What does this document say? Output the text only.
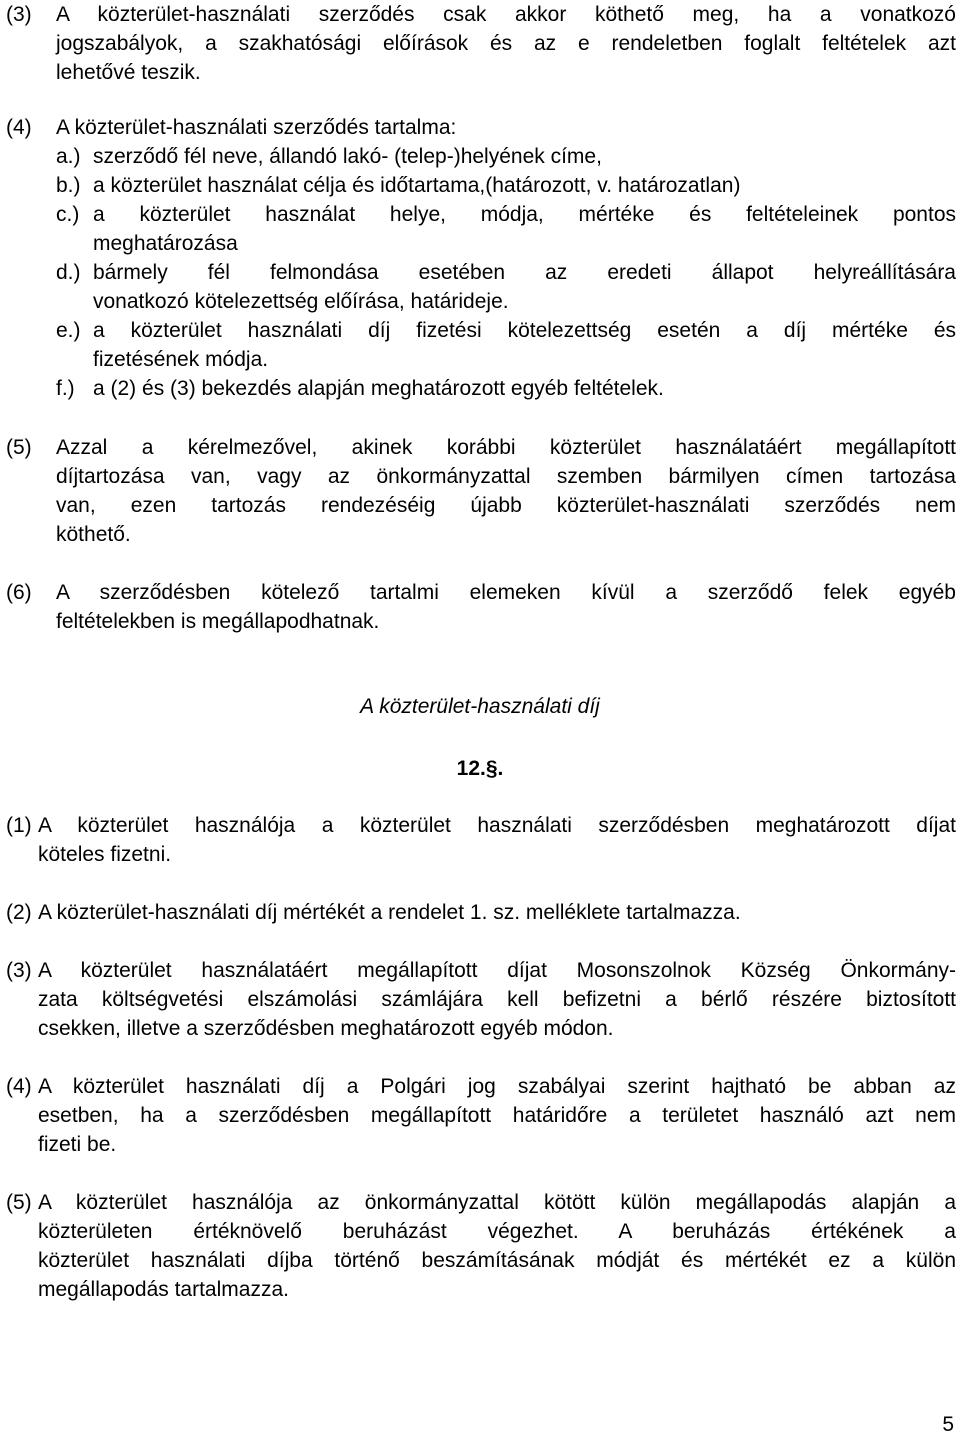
(3) A közterület-használati szerződés csak akkor köthető meg, ha a vonatkozó
jogszabályok, a szakhatósági előírások és az e rendeletben foglalt feltételek azt
lehetővé teszik.
(4) A közterület-használati szerződés tartalma:
a.) szerződő fél neve, állandó lakó- (telep-)helyének címe,
b.) a közterület használat célja és időtartama,(határozott, v. határozatlan)
c.) a közterület használat helye, módja, mértéke és feltételeinek pontos
meghatározása
d.) bármely fél felmondása esetében az eredeti állapot helyreállítására
vonatkozó kötelezettség előírása, határideje.
e.) a közterület használati díj fizetési kötelezettség esetén a díj mértéke és
fizetésének módja.
f.) a (2) és (3) bekezdés alapján meghatározott egyéb feltételek.
(5) Azzal a kérelmezővel, akinek korábbi közterület használatáért megállapított
díjtartozása van, vagy az önkormányzattal szemben bármilyen címen tartozása
van, ezen tartozás rendezéséig újabb közterület-használati szerződés nem
köthető.
(6) A szerződésben kötelező tartalmi elemeken kívül a szerződő felek egyéb
feltételekben is megállapodhatnak.
A közterület-használati díj
12.§.
(1) A közterület használója a közterület használati szerződésben meghatározott díjat
köteles fizetni.
(2) A közterület-használati díj mértékét a rendelet 1. sz. melléklete tartalmazza.
(3) A közterület használatáért megállapított díjat Mosonszolnok Község Önkormány-
zata költségvetési elszámolási számlájára kell befizetni a bérlő részére biztosított
csekken, illetve a szerződésben meghatározott egyéb módon.
(4) A közterület használati díj a Polgári jog szabályai szerint hajtható be abban az
esetben, ha a szerződésben megállapított határidőre a területet használó azt nem
fizeti be.
(5) A közterület használója az önkormányzattal kötött külön megállapodás alapján a
közterületen értéknövelő beruházást végezhet. A beruházás értékének a
közterület használati díjba történő beszámításának módját és mértékét ez a külön
megállapodás tartalmazza.
5
